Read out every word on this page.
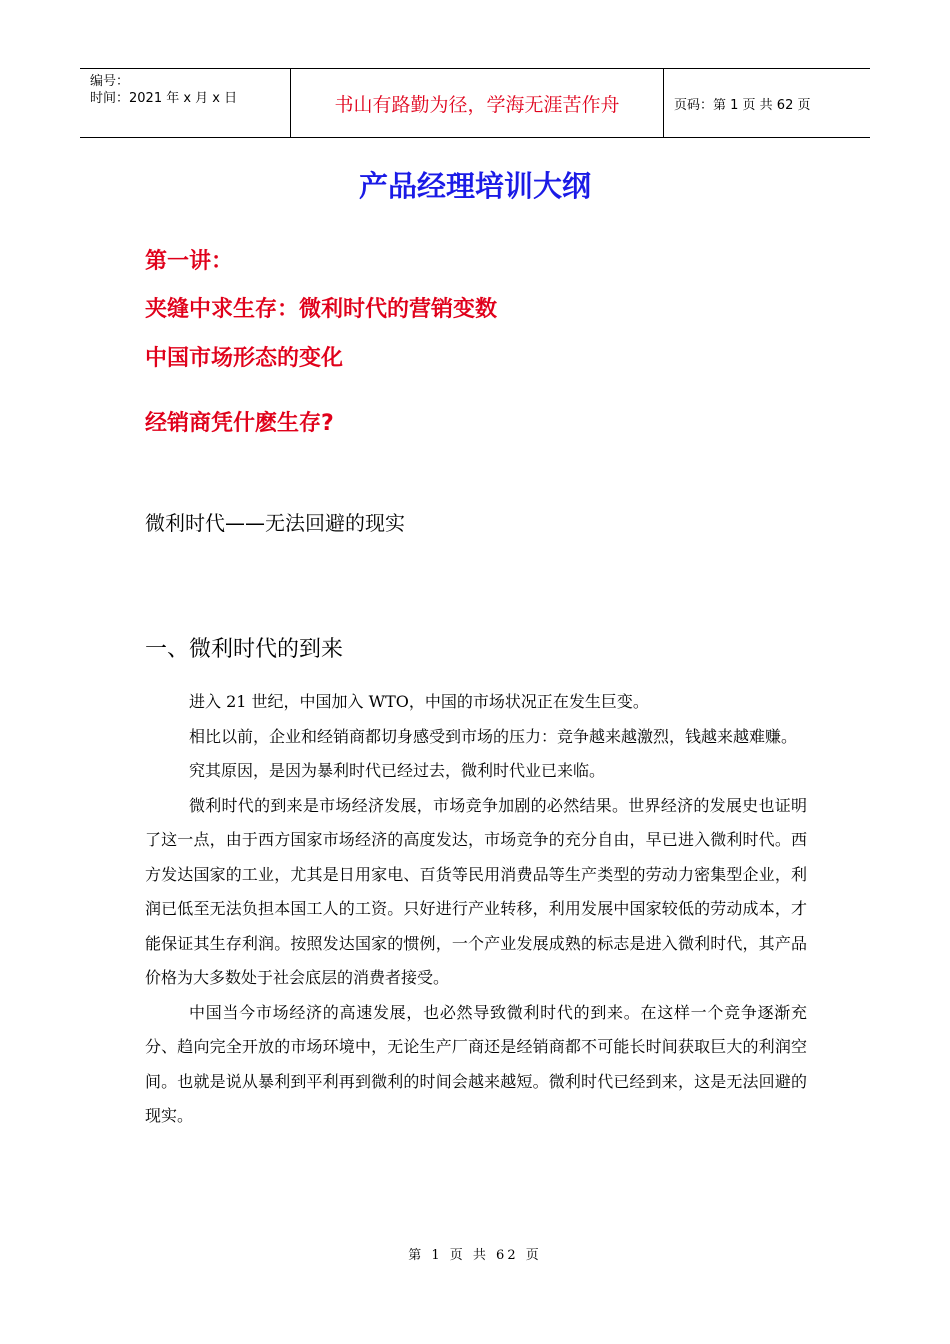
编号：
时间：2021 年 x 月 x 日	书山有路勤为径，学海无涯苦作舟	页码：第 1 页 共 62 页
产品经理培训大纲
第一讲：
夹缝中求生存：微利时代的营销变数
中国市场形态的变化
经销商凭什麽生存?
微利时代——无法回避的现实
一、微利时代的到来

进入 21 世纪，中国加入 WTO，中国的市场状况正在发生巨变。

相比以前，企业和经销商都切身感受到市场的压力：竞争越来越激烈，钱越来越难赚。

究其原因，是因为暴利时代已经过去，微利时代业已来临。

微利时代的到来是市场经济发展，市场竞争加剧的必然结果。世界经济的发展史也证明了这一点，由于西方国家市场经济的高度发达，市场竞争的充分自由，早已进入微利时代。西方发达国家的工业，尤其是日用家电、百货等民用消费品等生产类型的劳动力密集型企业，利润已低至无法负担本国工人的工资。只好进行产业转移，利用发展中国家较低的劳动成本，才能保证其生存利润。按照发达国家的惯例，一个产业发展成熟的标志是进入微利时代，其产品价格为大多数处于社会底层的消费者接受。

中国当今市场经济的高速发展，也必然导致微利时代的到来。在这样一个竞争逐渐充分、趋向完全开放的市场环境中，无论生产厂商还是经销商都不可能长时间获取巨大的利润空间。也就是说从暴利到平利再到微利的时间会越来越短。微利时代已经到来，这是无法回避的现实。

第 1 页 共 62 页
